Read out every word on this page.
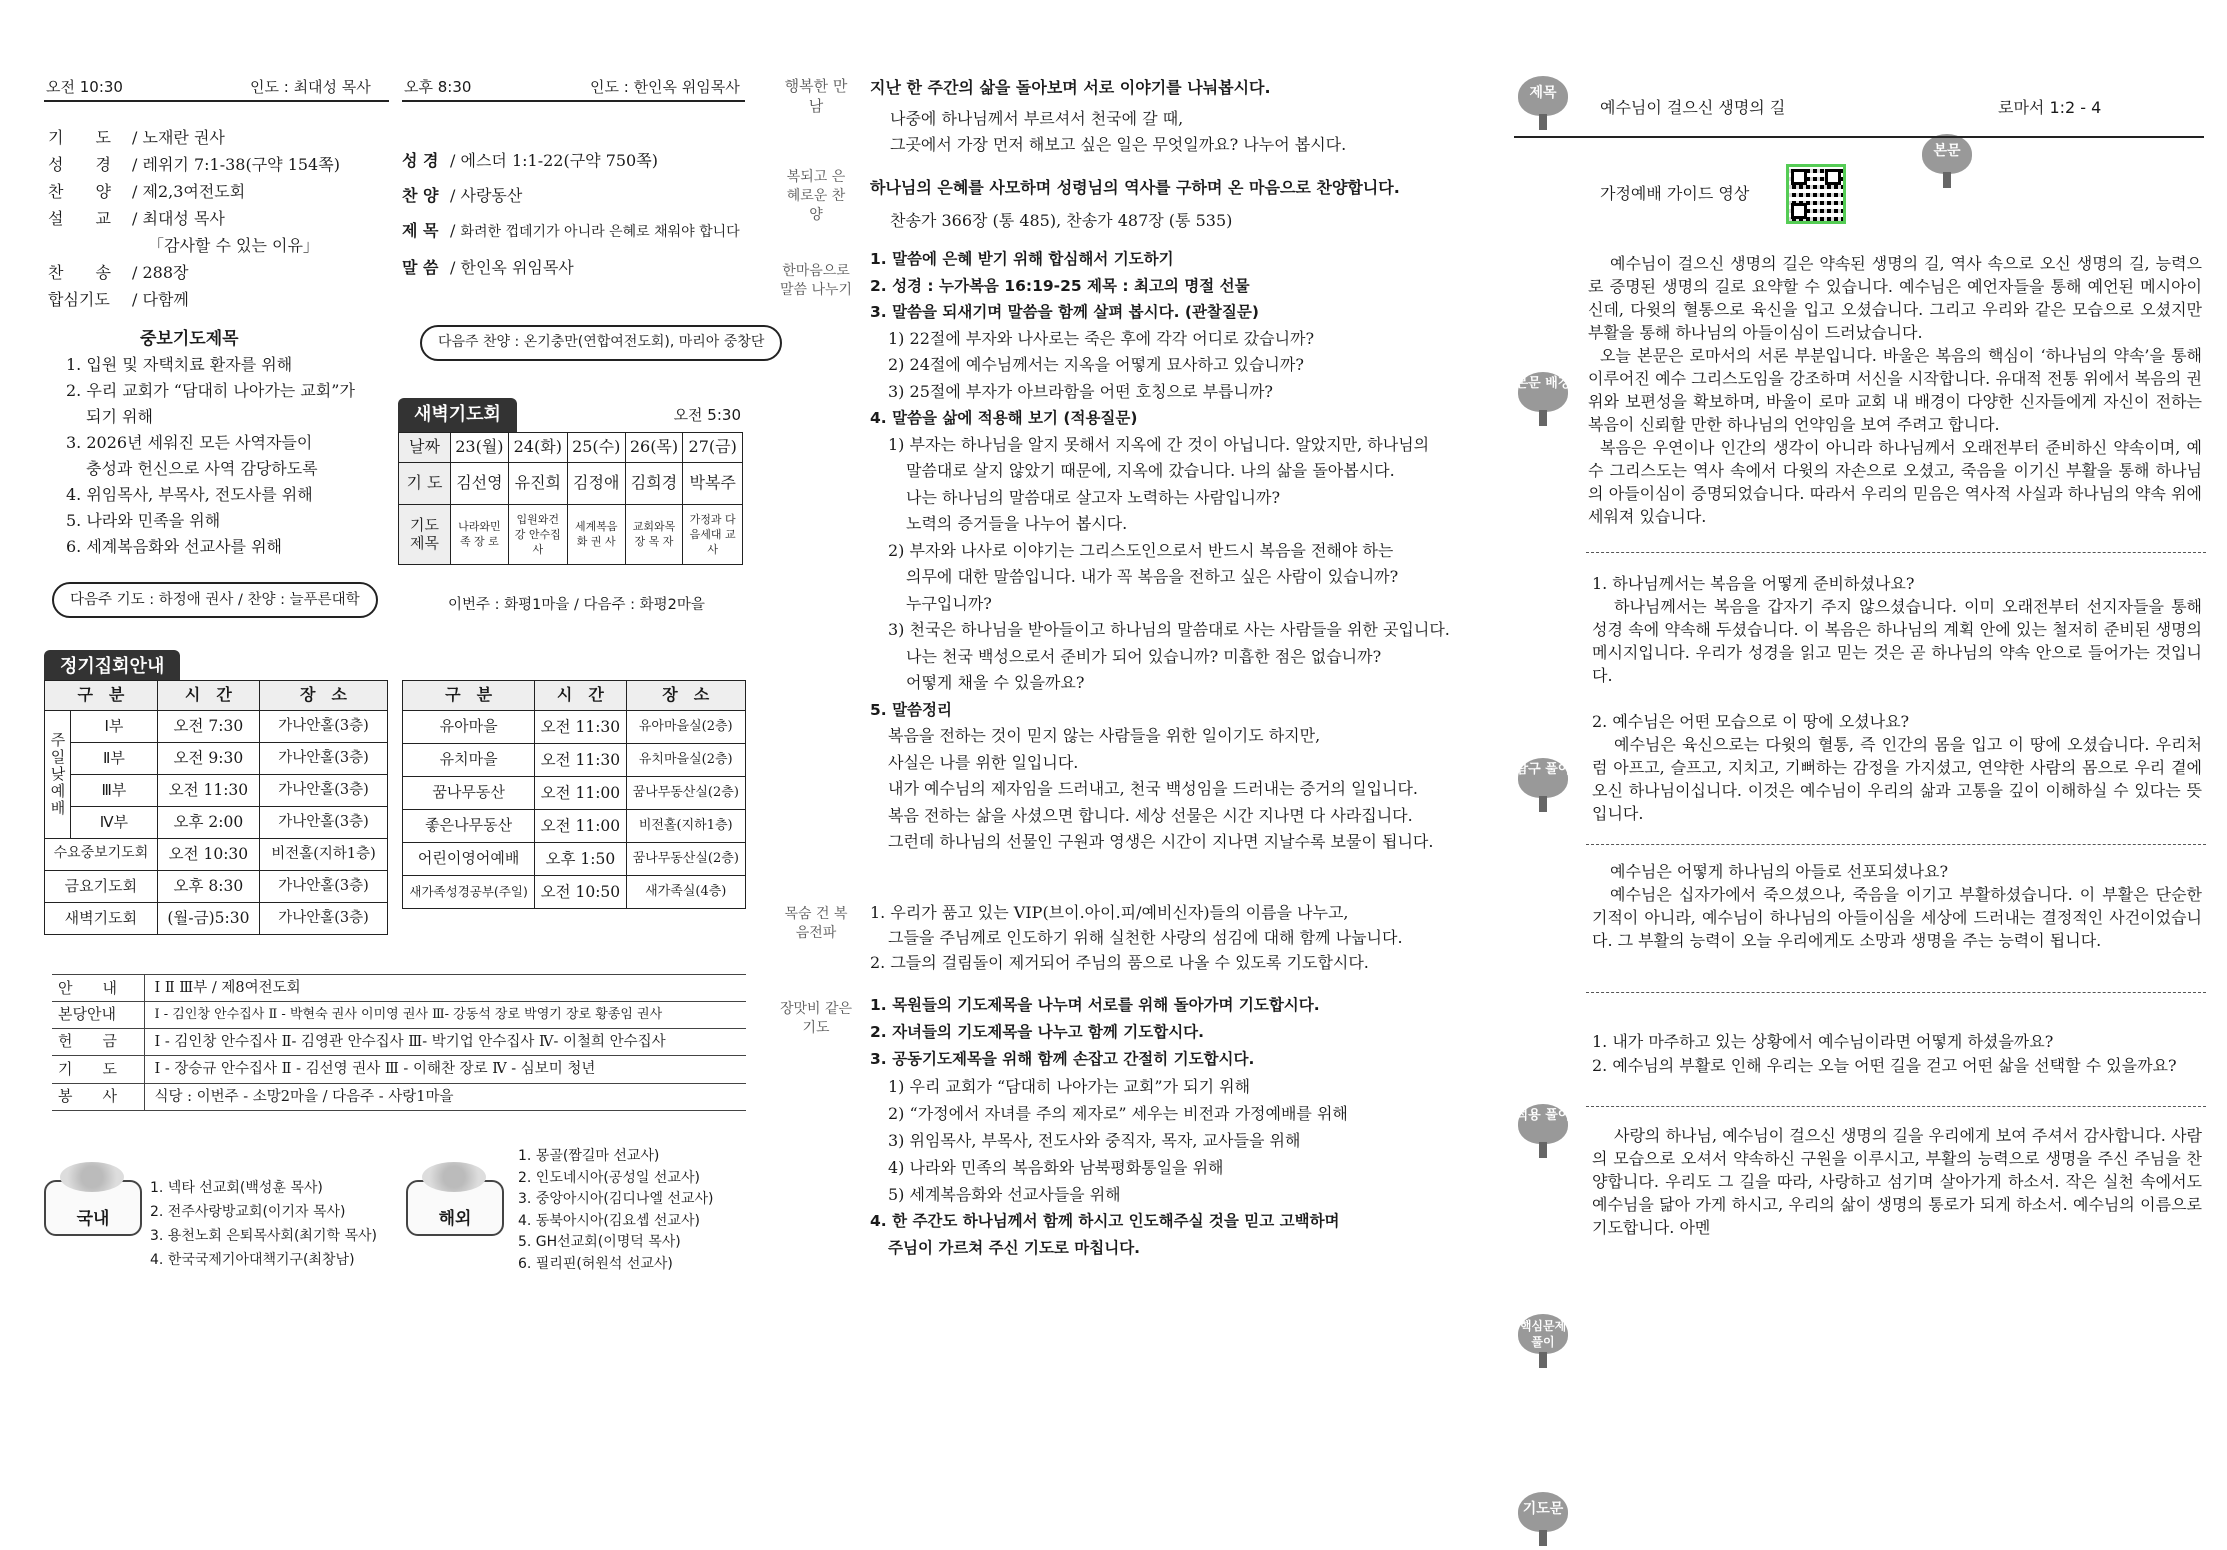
오전 10:30	인도 : 최대성 목사 오후 8:30	인도 : 한인옥 위임목사
기　　도 / 노재란 권사
성　　경 / 레위기 7:1-38(구약 154쪽)
찬　　양 / 제2,3여전도회
설　　교 / 최대성 목사
「감사할 수 있는 이유」
찬　　송 / 288장
합심기도 / 다함께
성 경 / 에스더 1:1-22(구약 750쪽)
찬 양 / 사랑동산
제 목 / 화려한 껍데기가 아니라 은혜로 채워야 합니다
말 씀 / 한인옥 위임목사
중보기도제목
1. 입원 및 자택치료 환자를 위해
2. 우리 교회가 “담대히 나아가는 교회”가
되기 위해
3. 2026년 세워진 모든 사역자들이
충성과 헌신으로 사역 감당하도록
4. 위임목사, 부목사, 전도사를 위해
5. 나라와 민족을 위해
6. 세계복음화와 선교사를 위해
다음주 기도 : 하정애 권사 / 찬양 : 늘푸른대학
다음주 찬양 : 온기충만(연합여전도회), 마리아 중창단
새벽기도회	오전 5:30
날짜	23(월)	24(화)	25(수)	26(목)	27(금)
기 도	김선영	유진희	김정애	김희경	박복주
기도 제목	나라와민족 장 로	입원와건강 안수집사	세계복음화 권 사	교회와목장 목 자	가정과 다음세대 교 사
이번주 : 화평1마을 / 다음주 : 화평2마을
정기집회안내
구　분		시　간	장　소
주일낮예배	Ⅰ부	오전 7:30	가나안홀(3층)
	Ⅱ부	오전 9:30	가나안홀(3층)
	Ⅲ부	오전 11:30	가나안홀(3층)
	Ⅳ부	오후 2:00	가나안홀(3층)
수요중보기도회		오전 10:30	비전홀(지하1층)
금요기도회		오후 8:30	가나안홀(3층)
새벽기도회		(월-금)5:30	가나안홀(3층)
구　분	시　간	장　소
유아마을	오전 11:30	유아마을실(2층)
유치마을	오전 11:30	유치마을실(2층)
꿈나무동산	오전 11:00	꿈나무동산실(2층)
좋은나무동산	오전 11:00	비전홀(지하1층)
어린이영어예배	오후 1:50	꿈나무동산실(2층)
새가족성경공부(주일)	오전 10:50	새가족실(4층)
안　　내	Ⅰ Ⅱ Ⅲ부 / 제8여전도회
본당안내	Ⅰ - 김인창 안수집사 Ⅱ - 박현숙 권사 이미영 권사 Ⅲ- 강동석 장로 박영기 장로 황종임 권사
헌　　금	Ⅰ - 김인창 안수집사 Ⅱ- 김영관 안수집사 Ⅲ- 박기업 안수집사 Ⅳ- 이철희 안수집사
기　　도	Ⅰ - 장승규 안수집사 Ⅱ - 김선영 권사 Ⅲ - 이해찬 장로 Ⅳ - 심보미 청년
봉　　사	식당 : 이번주 - 소망2마을 / 다음주 - 사랑1마을
국내
1. 넥타 선교회(백성훈 목사)
2. 전주사랑방교회(이기자 목사)
3. 용천노회 은퇴목사회(최기학 목사)
4. 한국국제기아대책기구(최창남)
해외
1. 몽골(짬길마 선교사)
2. 인도네시아(공성일 선교사)
3. 중앙아시아(김디나엘 선교사)
4. 동북아시아(김요셉 선교사)
5. GH선교회(이명덕 목사)
6. 필리핀(허원석 선교사)
행복한 만남
지난 한 주간의 삶을 돌아보며 서로 이야기를 나눠봅시다.
나중에 하나님께서 부르셔서 천국에 갈 때,
그곳에서 가장 먼저 해보고 싶은 일은 무엇일까요? 나누어 봅시다.
복되고 은혜로운 찬양
하나님의 은혜를 사모하며 성령님의 역사를 구하며 온 마음으로 찬양합니다.
찬송가 366장 (통 485), 찬송가 487장 (통 535)
한마음으로 말씀 나누기
1. 말씀에 은혜 받기 위해 합심해서 기도하기
2. 성경 : 누가복음 16:19-25 제목 : 최고의 명절 선물
3. 말씀을 되새기며 말씀을 함께 살펴 봅시다. (관찰질문)
1) 22절에 부자와 나사로는 죽은 후에 각각 어디로 갔습니까?
2) 24절에 예수님께서는 지옥을 어떻게 묘사하고 있습니까?
3) 25절에 부자가 아브라함을 어떤 호칭으로 부릅니까?
4. 말씀을 삶에 적용해 보기 (적용질문)
1) 부자는 하나님을 알지 못해서 지옥에 간 것이 아닙니다. 알았지만, 하나님의
말씀대로 살지 않았기 때문에, 지옥에 갔습니다. 나의 삶을 돌아봅시다.
나는 하나님의 말씀대로 살고자 노력하는 사람입니까?
노력의 증거들을 나누어 봅시다.
2) 부자와 나사로 이야기는 그리스도인으로서 반드시 복음을 전해야 하는
의무에 대한 말씀입니다. 내가 꼭 복음을 전하고 싶은 사람이 있습니까?
누구입니까?
3) 천국은 하나님을 받아들이고 하나님의 말씀대로 사는 사람들을 위한 곳입니다.
나는 천국 백성으로서 준비가 되어 있습니까? 미흡한 점은 없습니까?
어떻게 채울 수 있을까요?
5. 말씀정리
복음을 전하는 것이 믿지 않는 사람들을 위한 일이기도 하지만,
사실은 나를 위한 일입니다.
내가 예수님의 제자임을 드러내고, 천국 백성임을 드러내는 증거의 일입니다.
복음 전하는 삶을 사셨으면 합니다. 세상 선물은 시간 지나면 다 사라집니다.
그런데 하나님의 선물인 구원과 영생은 시간이 지나면 지날수록 보물이 됩니다.
목숨 건 복음전파
1. 우리가 품고 있는 VIP(브이.아이.피/예비신자)들의 이름을 나누고,
그들을 주님께로 인도하기 위해 실천한 사랑의 섬김에 대해 함께 나눕니다.
2. 그들의 걸림돌이 제거되어 주님의 품으로 나올 수 있도록 기도합시다.
장맛비 같은 기도
1. 목원들의 기도제목을 나누며 서로를 위해 돌아가며 기도합시다.
2. 자녀들의 기도제목을 나누고 함께 기도합시다.
3. 공동기도제목을 위해 함께 손잡고 간절히 기도합시다.
1) 우리 교회가 “담대히 나아가는 교회”가 되기 위해
2) “가정에서 자녀를 주의 제자로” 세우는 비전과 가정예배를 위해
3) 위임목사, 부목사, 전도사와 중직자, 목자, 교사들을 위해
4) 나라와 민족의 복음화와 남북평화통일을 위해
5) 세계복음화와 선교사들을 위해
4. 한 주간도 하나님께서 함께 하시고 인도해주실 것을 믿고 고백하며
주님이 가르쳐 주신 기도로 마칩니다.
제목
예수님이 걸으신 생명의 길
본문
로마서 1:2 - 4
가정예배 가이드 영상
본문 배경
예수님이 걸으신 생명의 길은 약속된 생명의 길, 역사 속으로 오신 생명의 길, 능력으로 증명된 생명의 길로 요약할 수 있습니다. 예수님은 예언자들을 통해 예언된 메시아이신데, 다윗의 혈통으로 육신을 입고 오셨습니다. 그리고 우리와 같은 모습으로 오셨지만 부활을 통해 하나님의 아들이심이 드러났습니다.
오늘 본문은 로마서의 서론 부분입니다. 바울은 복음의 핵심이 ‘하나님의 약속’을 통해 이루어진 예수 그리스도임을 강조하며 서신을 시작합니다. 유대적 전통 위에서 복음의 권위와 보편성을 확보하며, 바울이 로마 교회 내 배경이 다양한 신자들에게 자신이 전하는 복음이 신뢰할 만한 하나님의 언약임을 보여 주려고 합니다.
복음은 우연이나 인간의 생각이 아니라 하나님께서 오래전부터 준비하신 약속이며, 예수 그리스도는 역사 속에서 다윗의 자손으로 오셨고, 죽음을 이기신 부활을 통해 하나님의 아들이심이 증명되었습니다. 따라서 우리의 믿음은 역사적 사실과 하나님의 약속 위에 세워져 있습니다.
탐구 풀이
1. 하나님께서는 복음을 어떻게 준비하셨나요?
하나님께서는 복음을 갑자기 주지 않으셨습니다. 이미 오래전부터 선지자들을 통해 성경 속에 약속해 두셨습니다. 이 복음은 하나님의 계획 안에 있는 철저히 준비된 생명의 메시지입니다. 우리가 성경을 읽고 믿는 것은 곧 하나님의 약속 안으로 들어가는 것입니다.
2. 예수님은 어떤 모습으로 이 땅에 오셨나요?
예수님은 육신으로는 다윗의 혈통, 즉 인간의 몸을 입고 이 땅에 오셨습니다. 우리처럼 아프고, 슬프고, 지치고, 기뻐하는 감정을 가지셨고, 연약한 사람의 몸으로 우리 곁에 오신 하나님이십니다. 이것은 예수님이 우리의 삶과 고통을 깊이 이해하실 수 있다는 뜻입니다.
적용 풀이
예수님은 어떻게 하나님의 아들로 선포되셨나요?
예수님은 십자가에서 죽으셨으나, 죽음을 이기고 부활하셨습니다. 이 부활은 단순한 기적이 아니라, 예수님이 하나님의 아들이심을 세상에 드러내는 결정적인 사건이었습니다. 그 부활의 능력이 오늘 우리에게도 소망과 생명을 주는 능력이 됩니다.
핵심문제 풀이
1. 내가 마주하고 있는 상황에서 예수님이라면 어떻게 하셨을까요?
2. 예수님의 부활로 인해 우리는 오늘 어떤 길을 걷고 어떤 삶을 선택할 수 있을까요?
기도문
사랑의 하나님, 예수님이 걸으신 생명의 길을 우리에게 보여 주셔서 감사합니다. 사람의 모습으로 오셔서 약속하신 구원을 이루시고, 부활의 능력으로 생명을 주신 주님을 찬양합니다. 우리도 그 길을 따라, 사랑하고 섬기며 살아가게 하소서. 작은 실천 속에서도 예수님을 닮아 가게 하시고, 우리의 삶이 생명의 통로가 되게 하소서. 예수님의 이름으로 기도합니다. 아멘
